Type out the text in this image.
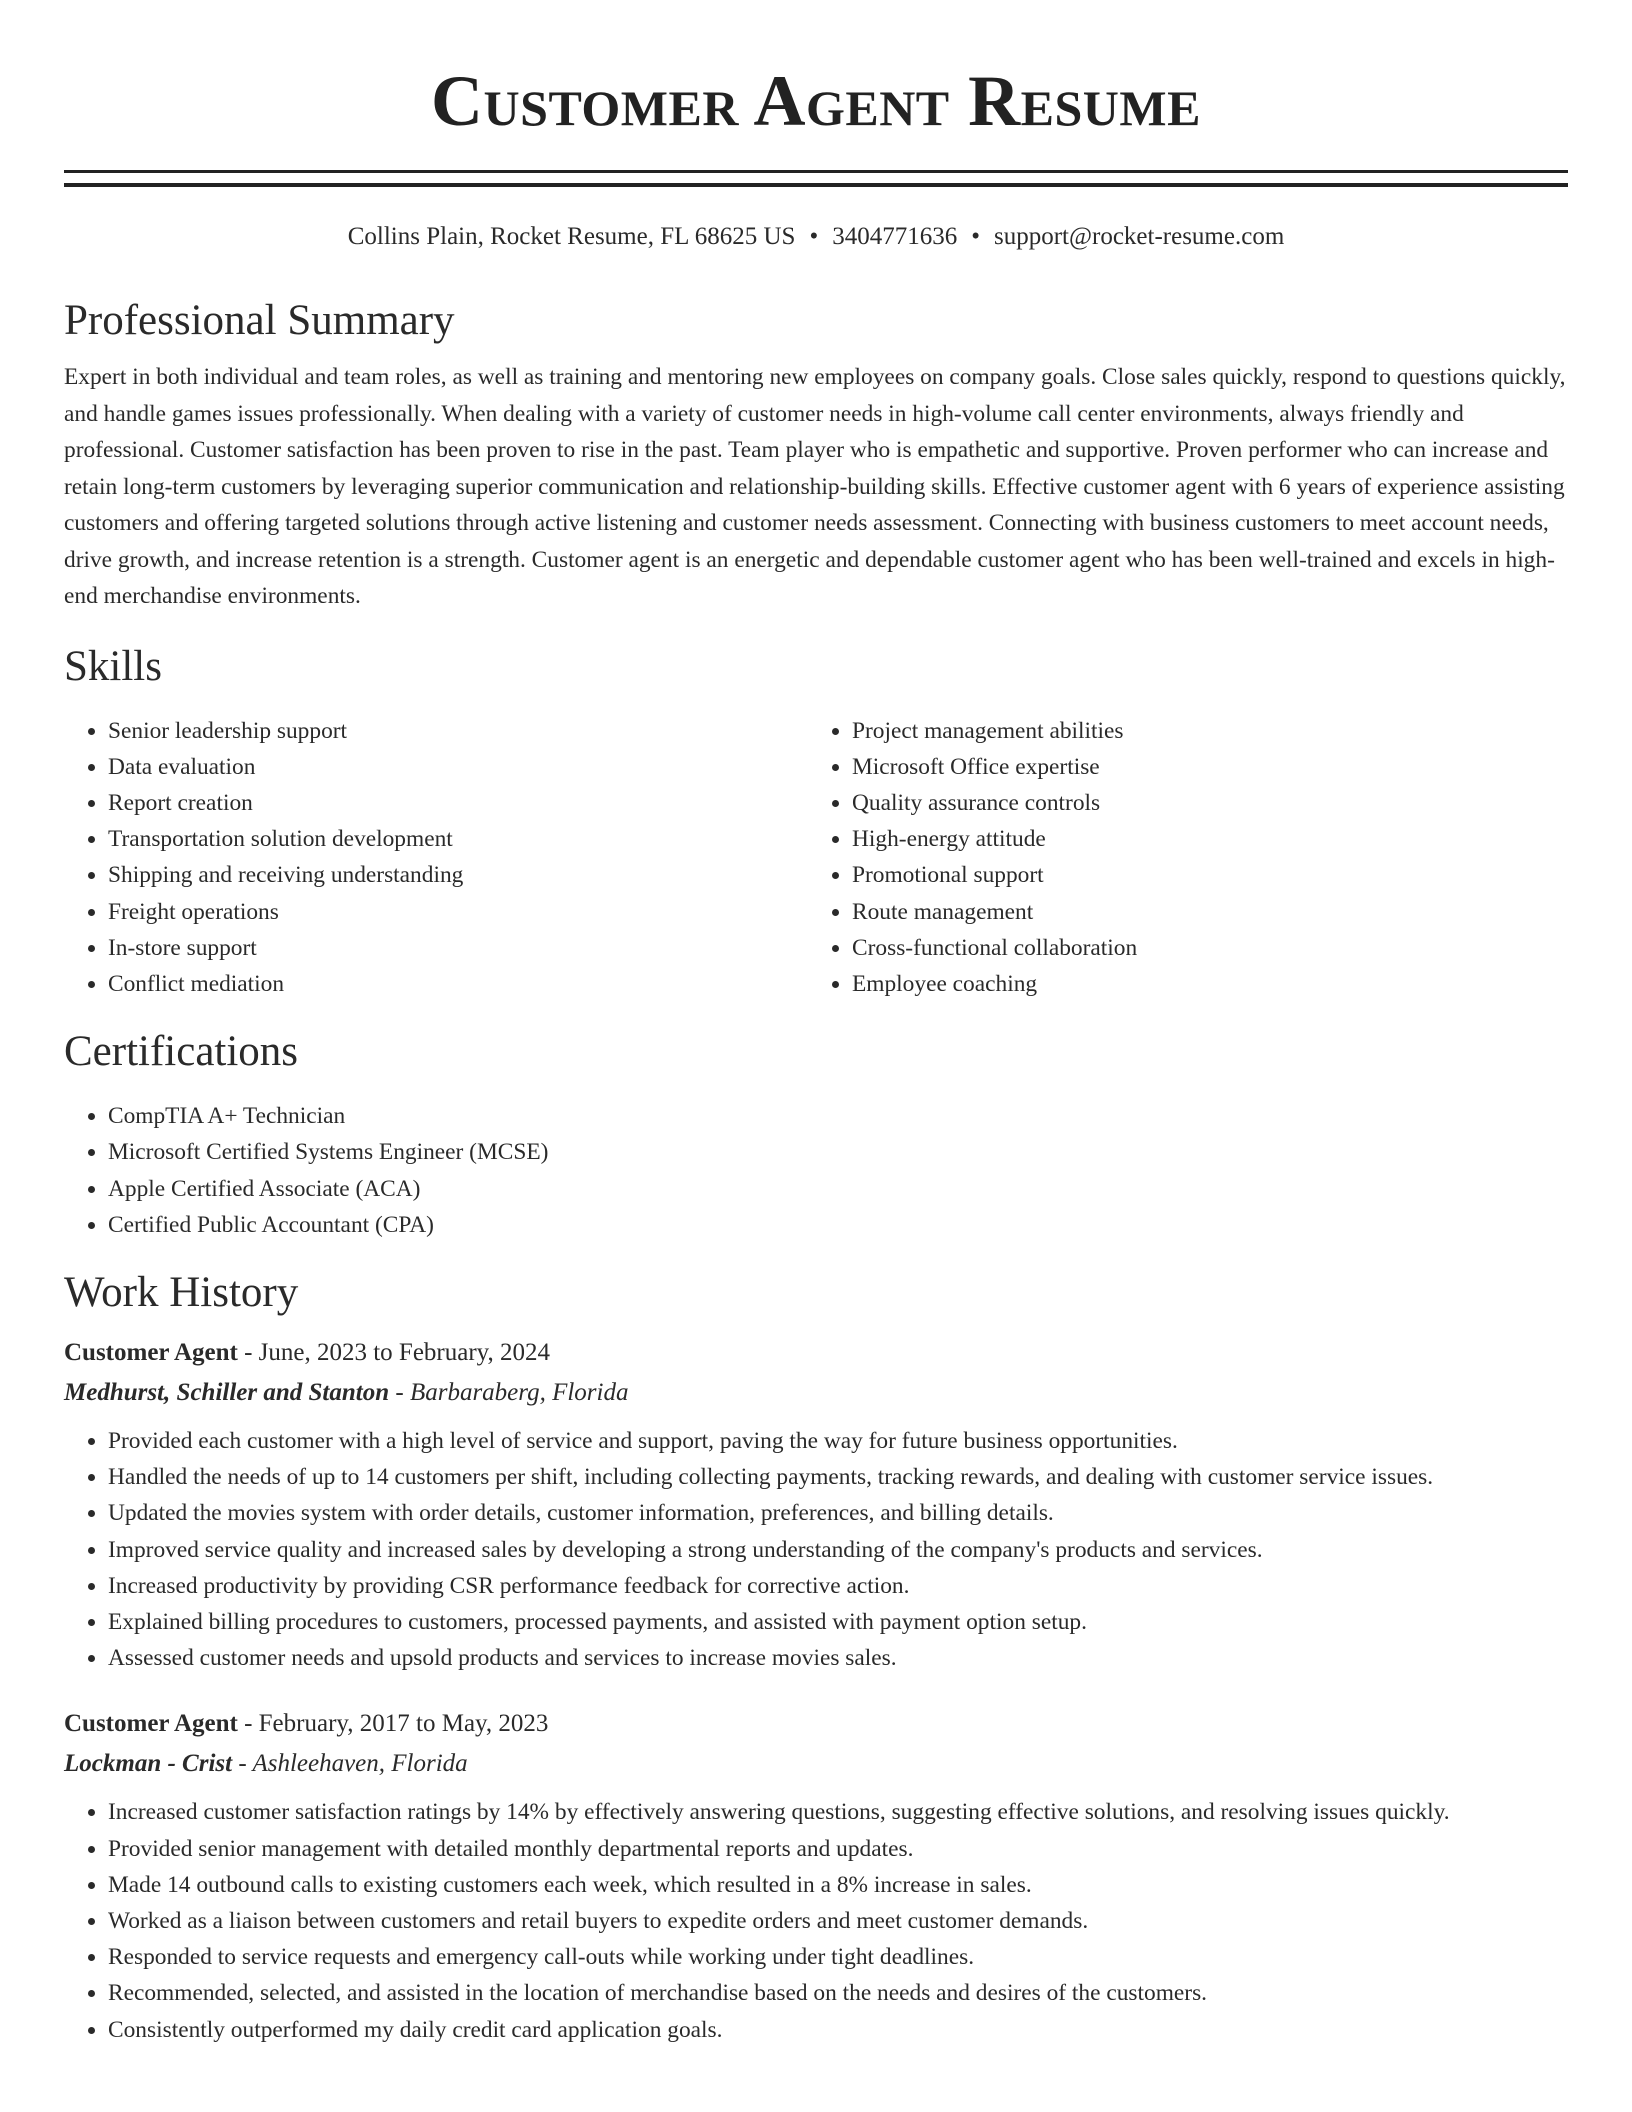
Customer Agent Resume
Collins Plain, Rocket Resume, FL 68625 US • 3404771636 • support@rocket-resume.com
Professional Summary

Expert in both individual and team roles, as well as training and mentoring new employees on company goals. Close sales quickly, respond to questions quickly, and handle games issues professionally. When dealing with a variety of customer needs in high-volume call center environments, always friendly and professional. Customer satisfaction has been proven to rise in the past. Team player who is empathetic and supportive. Proven performer who can increase and retain long-term customers by leveraging superior communication and relationship-building skills. Effective customer agent with 6 years of experience assisting customers and offering targeted solutions through active listening and customer needs assessment. Connecting with business customers to meet account needs, drive growth, and increase retention is a strength. Customer agent is an energetic and dependable customer agent who has been well-trained and excels in high-end merchandise environments.

Skills
• Senior leadership support
• Data evaluation
• Report creation
• Transportation solution development
• Shipping and receiving understanding
• Freight operations
• In-store support
• Conflict mediation
• Project management abilities
• Microsoft Office expertise
• Quality assurance controls
• High-energy attitude
• Promotional support
• Route management
• Cross-functional collaboration
• Employee coaching
Certifications
• CompTIA A+ Technician
• Microsoft Certified Systems Engineer (MCSE)
• Apple Certified Associate (ACA)
• Certified Public Accountant (CPA)
Work History
Customer Agent - June, 2023 to February, 2024
Medhurst, Schiller and Stanton - Barbaraberg, Florida
• Provided each customer with a high level of service and support, paving the way for future business opportunities.
• Handled the needs of up to 14 customers per shift, including collecting payments, tracking rewards, and dealing with customer service issues.
• Updated the movies system with order details, customer information, preferences, and billing details.
• Improved service quality and increased sales by developing a strong understanding of the company's products and services.
• Increased productivity by providing CSR performance feedback for corrective action.
• Explained billing procedures to customers, processed payments, and assisted with payment option setup.
• Assessed customer needs and upsold products and services to increase movies sales.
Customer Agent - February, 2017 to May, 2023
Lockman - Crist - Ashleehaven, Florida
• Increased customer satisfaction ratings by 14% by effectively answering questions, suggesting effective solutions, and resolving issues quickly.
• Provided senior management with detailed monthly departmental reports and updates.
• Made 14 outbound calls to existing customers each week, which resulted in a 8% increase in sales.
• Worked as a liaison between customers and retail buyers to expedite orders and meet customer demands.
• Responded to service requests and emergency call-outs while working under tight deadlines.
• Recommended, selected, and assisted in the location of merchandise based on the needs and desires of the customers.
• Consistently outperformed my daily credit card application goals.
